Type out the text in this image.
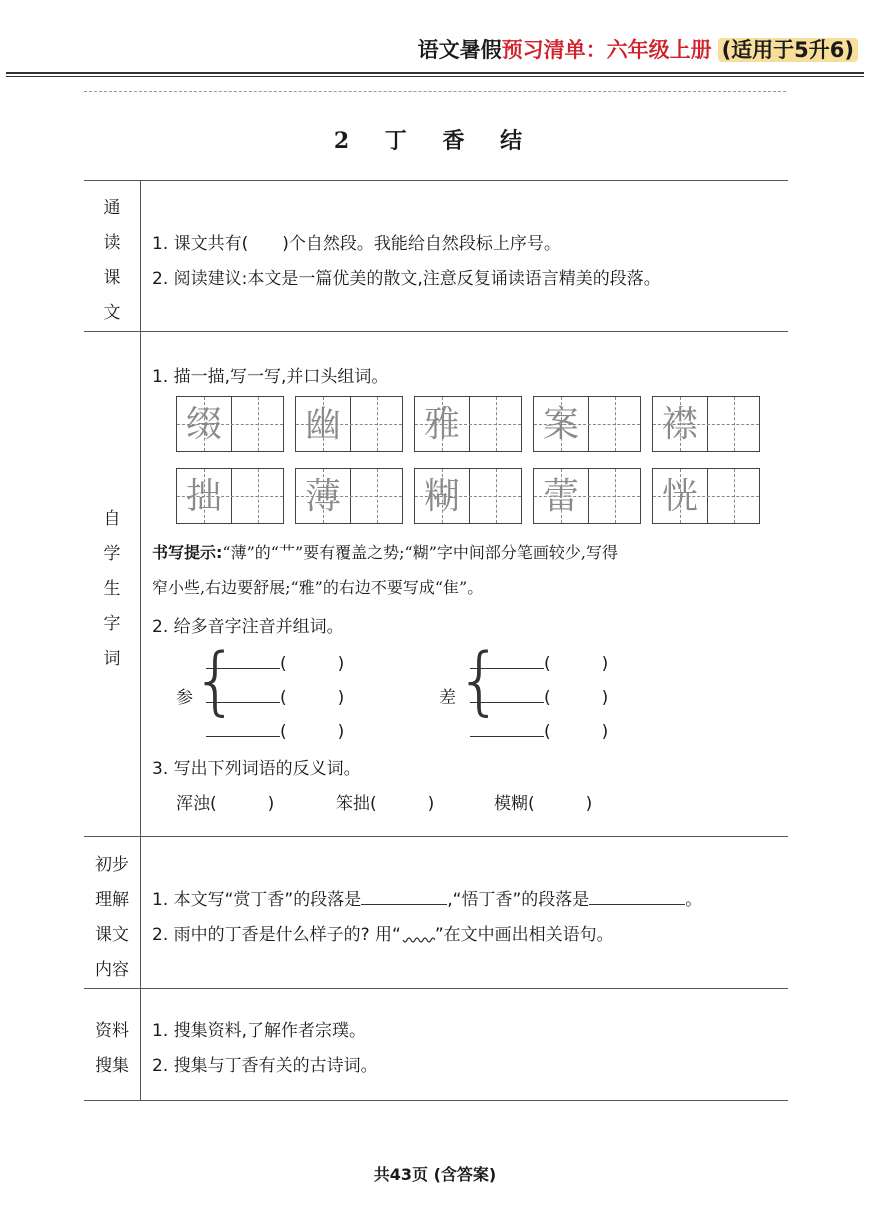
语文暑假预习清单：六年级上册 (适用于5升6)
2 丁 香 结
通
读
课
文
1. 课文共有(　　)个自然段。我能给自然段标上序号。
2. 阅读建议:本文是一篇优美的散文,注意反复诵读语言精美的段落。
自
学
生
字
词
1. 描一描,写一写,并口头组词。
缀 幽 雅 案 襟
拙 薄 糊 蕾 恍
书写提示:“薄”的“艹”要有覆盖之势;“糊”字中间部分笔画较少,写得
窄小些,右边要舒展;“雅”的右边不要写成“隹”。
2. 给多音字注音并组词。
参 {	(　　　)
(　　　)
(　　　)
差 {	(　　　)
(　　　)
(　　　)
3. 写出下列词语的反义词。
浑浊(　　　)	笨拙(　　　)	模糊(　　　)
初步
理解
课文
内容
1. 本文写“赏丁香”的段落是	,“悟丁香”的段落是	。
2. 雨中的丁香是什么样子的? 用“ ”在文中画出相关语句。
资料
搜集
1. 搜集资料,了解作者宗璞。
2. 搜集与丁香有关的古诗词。
共43页 (含答案)
